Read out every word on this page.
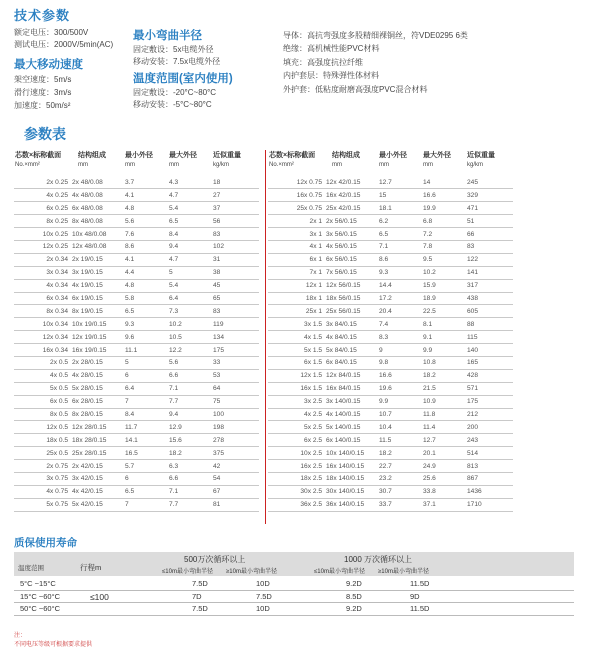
技术参数
额定电压：300/500V
测试电压：2000V/5min(AC)
最大移动速度
架空速度：5m/s
滑行速度：3m/s
加速度：50m/s²
最小弯曲半径
固定敷设：5x电缆外径
移动安装：7.5x电缆外径
温度范围(室内使用)
固定敷设：-20°C~80°C
移动安装：-5°C~80°C
导体：高抗弯强度多股精细裸铜丝，符VDE0295 6类
绝缘：高机械性能PVC材料
填充：高强度抗拉纤维
内护套层：特殊弹性体材料
外护套：低粘度耐磨高强度PVC混合材料
参数表
芯数×标称截面
No.×mm²	结构组成
mm	最小外径
mm	最大外径
mm	近似重量
kg/km
2x 0.25	2x 48/0.08	3.7	4.3	18
4x 0.25	4x 48/0.08	4.1	4.7	27
6x 0.25	6x 48/0.08	4.8	5.4	37
8x 0.25	8x 48/0.08	5.6	6.5	56
10x 0.25	10x 48/0.08	7.6	8.4	83
12x 0.25	12x 48/0.08	8.6	9.4	102
2x 0.34	2x 19/0.15	4.1	4.7	31
3x 0.34	3x 19/0.15	4.4	5	38
4x 0.34	4x 19/0.15	4.8	5.4	45
6x 0.34	6x 19/0.15	5.8	6.4	65
8x 0.34	8x 19/0.15	6.5	7.3	83
10x 0.34	10x 19/0.15	9.3	10.2	119
12x 0.34	12x 19/0.15	9.6	10.5	134
16x 0.34	16x 19/0.15	11.1	12.2	175
2x 0.5	2x 28/0.15	5	5.6	33
4x 0.5	4x 28/0.15	6	6.6	53
5x 0.5	5x 28/0.15	6.4	7.1	64
6x 0.5	6x 28/0.15	7	7.7	75
8x 0.5	8x 28/0.15	8.4	9.4	100
12x 0.5	12x 28/0.15	11.7	12.9	198
18x 0.5	18x 28/0.15	14.1	15.6	278
25x 0.5	25x 28/0.15	16.5	18.2	375
2x 0.75	2x 42/0.15	5.7	6.3	42
3x 0.75	3x 42/0.15	6	6.6	54
4x 0.75	4x 42/0.15	6.5	7.1	67
5x 0.75	5x 42/0.15	7	7.7	81
芯数×标称截面
No.×mm²	结构组成
mm	最小外径
mm	最大外径
mm	近似重量
kg/km
12x 0.75	12x 42/0.15	12.7	14	245
16x 0.75	16x 42/0.15	15	16.6	329
25x 0.75	25x 42/0.15	18.1	19.9	471
2x 1	2x 56/0.15	6.2	6.8	51
3x 1	3x 56/0.15	6.5	7.2	66
4x 1	4x 56/0.15	7.1	7.8	83
6x 1	6x 56/0.15	8.6	9.5	122
7x 1	7x 56/0.15	9.3	10.2	141
12x 1	12x 56/0.15	14.4	15.9	317
18x 1	18x 56/0.15	17.2	18.9	438
25x 1	25x 56/0.15	20.4	22.5	605
3x 1.5	3x 84/0.15	7.4	8.1	88
4x 1.5	4x 84/0.15	8.3	9.1	115
5x 1.5	5x 84/0.15	9	9.9	140
6x 1.5	6x 84/0.15	9.8	10.8	165
12x 1.5	12x 84/0.15	16.6	18.2	428
16x 1.5	16x 84/0.15	19.6	21.5	571
3x 2.5	3x 140/0.15	9.9	10.9	175
4x 2.5	4x 140/0.15	10.7	11.8	212
5x 2.5	5x 140/0.15	10.4	11.4	200
6x 2.5	6x 140/0.15	11.5	12.7	243
10x 2.5	10x 140/0.15	18.2	20.1	514
16x 2.5	16x 140/0.15	22.7	24.9	813
18x 2.5	18x 140/0.15	23.2	25.6	867
30x 2.5	30x 140/0.15	30.7	33.8	1436
36x 2.5	36x 140/0.15	33.7	37.1	1710
质保使用寿命
温度范围	行程m
500万次循环以上	1000 万次循环以上
≤10m最小弯曲半径 ≥10m最小弯曲半径	≤10m最小弯曲半径 ≥10m最小弯曲半径
≤100
5°C ~15°C	7.5D	10D	9.2D	11.5D
15°C ~60°C	7D	7.5D	8.5D	9D
50°C ~60°C	7.5D	10D	9.2D	11.5D
注：
不同电压等级可根据要求提供
